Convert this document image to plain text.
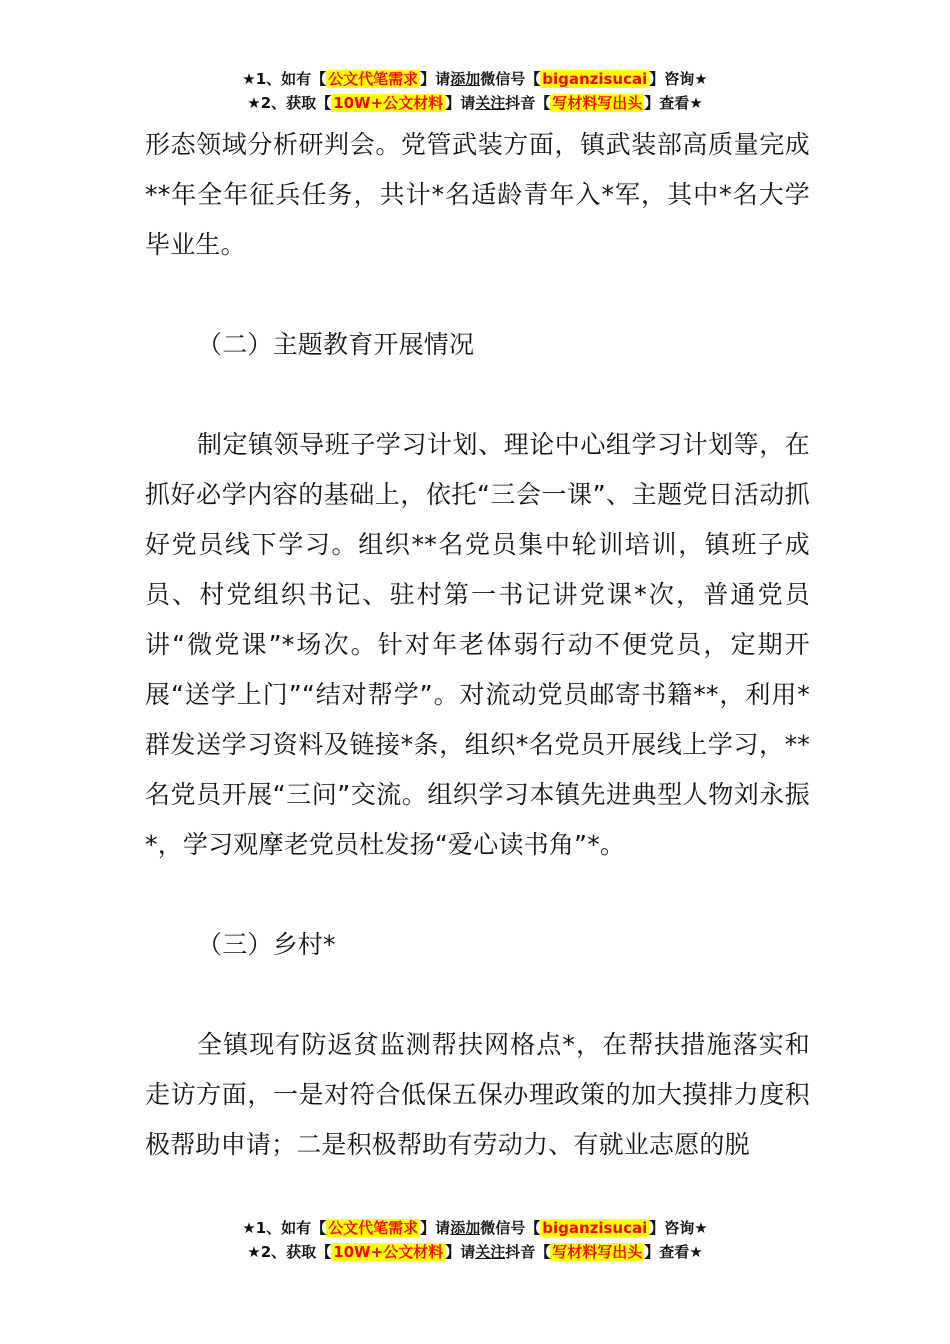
★1、如有【 公文代笔需求 】请添加微信号【 biganzisucai 】咨询★
★2、获取【 10W+公文材料 】请关注抖音【 写材料写出头 】查看★

形态领域分析研判会。党管武装方面，镇武装部高质量完成**年全年征兵任务，共计*名适龄青年入*军，其中*名大学毕业生。

（二）主题教育开展情况

制定镇领导班子学习计划、理论中心组学习计划等，在抓好必学内容的基础上，依托“三会一课”、主题党日活动抓好党员线下学习。组织**名党员集中轮训培训，镇班子成员、村党组织书记、驻村第一书记讲党课*次，普通党员讲“微党课”*场次。针对年老体弱行动不便党员，定期开展“送学上门”“结对帮学”。对流动党员邮寄书籍**，利用*群发送学习资料及链接*条，组织*名党员开展线上学习，**名党员开展“三问”交流。组织学习本镇先进典型人物刘永振*，学习观摩老党员杜发扬“爱心读书角”*。

（三）乡村*

全镇现有防返贫监测帮扶网格点*，在帮扶措施落实和走访方面，一是对符合低保五保办理政策的加大摸排力度积极帮助申请；二是积极帮助有劳动力、有就业志愿的脱

★1、如有【 公文代笔需求 】请添加微信号【 biganzisucai 】咨询★
★2、获取【 10W+公文材料 】请关注抖音【 写材料写出头 】查看★
